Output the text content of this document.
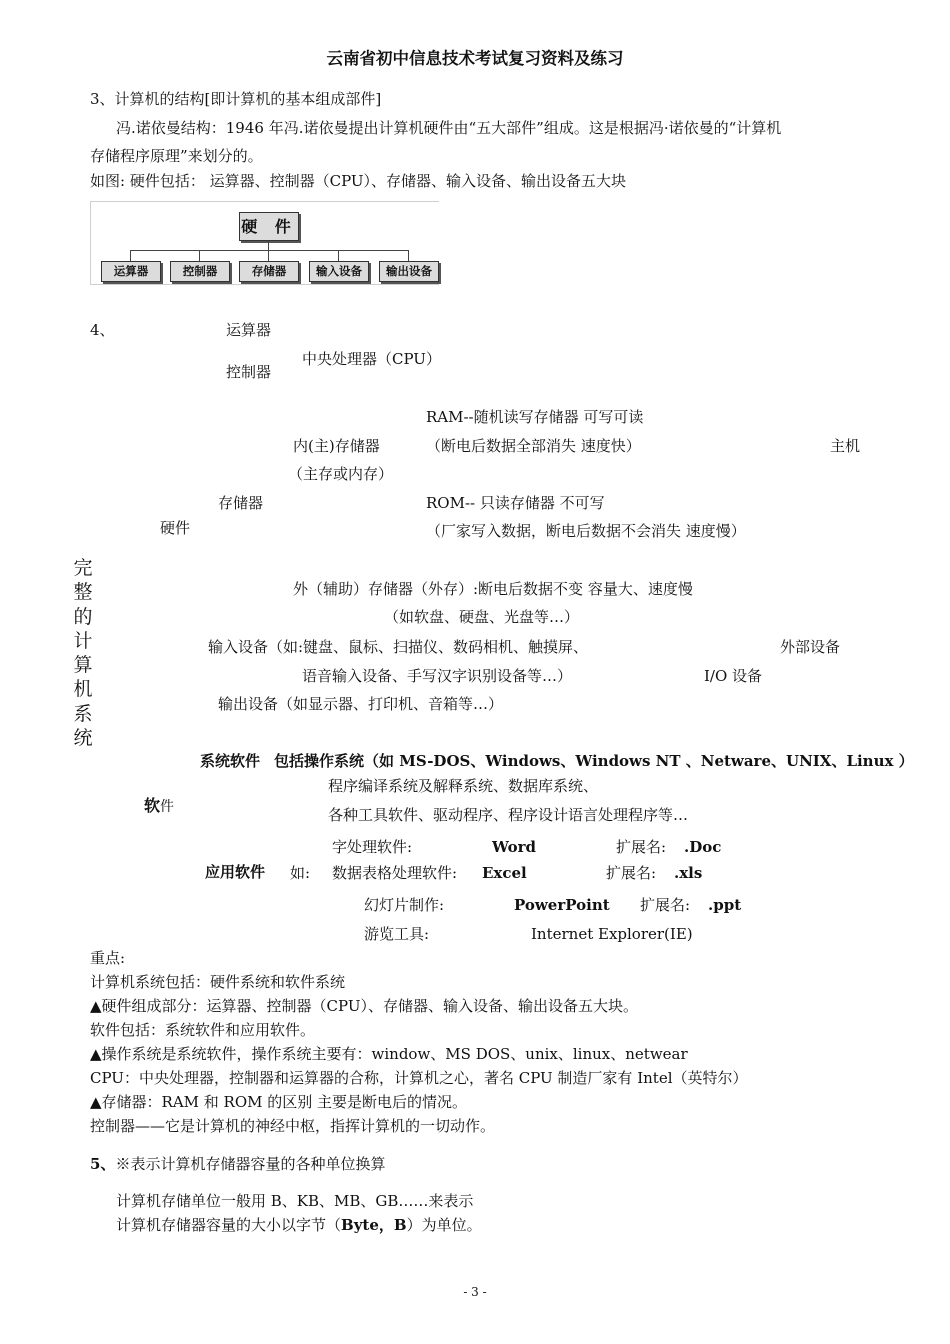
云南省初中信息技术考试复习资料及练习
3、计算机的结构[即计算机的基本组成部件]
冯.诺依曼结构：1946 年冯.诺依曼提出计算机硬件由“五大部件”组成。这是根据冯·诺依曼的“计算机
存储程序原理”来划分的。
如图: 硬件包括： 运算器、控制器（CPU）、存储器、输入设备、输出设备五大块
硬 件
运算器	控制器	存储器	输入设备	输出设备
4、	运算器
中央处理器（CPU）
控制器
RAM--随机读写存储器 可写可读
内(主)存储器	（断电后数据全部消失 速度快）	主机
（主存或内存）
存储器	ROM-- 只读存储器 不可写
硬件	（厂家写入数据，断电后数据不会消失 速度慢）
完
整
的
计
算
机
系
统
外（辅助）存储器（外存）:断电后数据不变 容量大、速度慢
（如软盘、硬盘、光盘等…）
输入设备（如:键盘、鼠标、扫描仪、数码相机、触摸屏、	外部设备
语音输入设备、手写汉字识别设备等…）	I/O 设备
输出设备（如显示器、打印机、音箱等…）
系统软件 包括操作系统（如 MS-DOS、Windows、Windows NT 、Netware、UNIX、Linux ）
程序编译系统及解释系统、数据库系统、
软件	各种工具软件、驱动程序、程序设计语言处理程序等…
字处理软件:	Word	扩展名: .Doc
应用软件 如: 数据表格处理软件: Excel	扩展名: .xls
幻灯片制作:	PowerPoint 扩展名: .ppt
游览工具:	Internet Explorer(IE)
重点:
计算机系统包括：硬件系统和软件系统
▲硬件组成部分：运算器、控制器（CPU）、存储器、输入设备、输出设备五大块。
软件包括：系统软件和应用软件。
▲操作系统是系统软件，操作系统主要有：window、MS DOS、unix、linux、netwear
CPU：中央处理器，控制器和运算器的合称，计算机之心，著名 CPU 制造厂家有 Intel（英特尔）
▲存储器：RAM 和 ROM 的区别 主要是断电后的情况。
控制器——它是计算机的神经中枢，指挥计算机的一切动作。
5、※表示计算机存储器容量的各种单位换算
计算机存储单位一般用 B、KB、MB、GB……来表示
计算机存储器容量的大小以字节（Byte，B）为单位。
- 3 -
